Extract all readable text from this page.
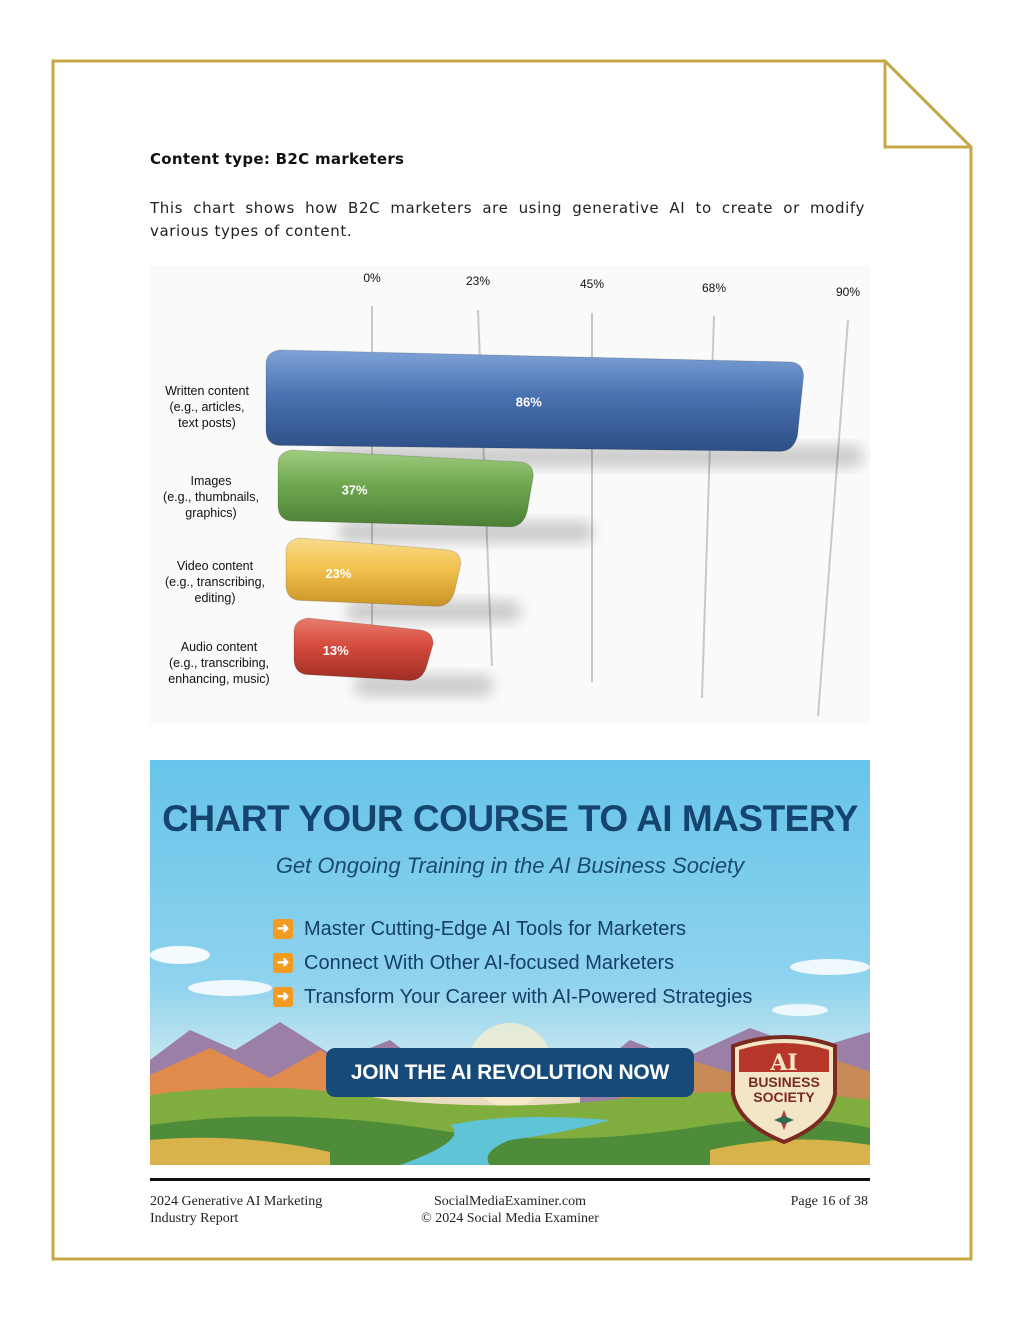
Content type: B2C marketers
This chart shows how B2C marketers are using generative AI to create or modify various types of content.
0%	23%	45%	68%	90%
86%
Written content
(e.g., articles,
text posts)
37%
Images
(e.g., thumbnails,
graphics)
23%
Video content
(e.g., transcribing,
editing)
13%
Audio content
(e.g., transcribing,
enhancing, music)
CHART YOUR COURSE TO AI MASTERY
Get Ongoing Training in the AI Business Society
➜ Master Cutting-Edge AI Tools for Marketers
➜ Connect With Other AI-focused Marketers
➜ Transform Your Career with AI-Powered Strategies
JOIN THE AI REVOLUTION NOW	AI
BUSINESS
SOCIETY
2024 Generative AI Marketing
Industry Report
SocialMediaExaminer.com
© 2024 Social Media Examiner
Page 16 of 38
